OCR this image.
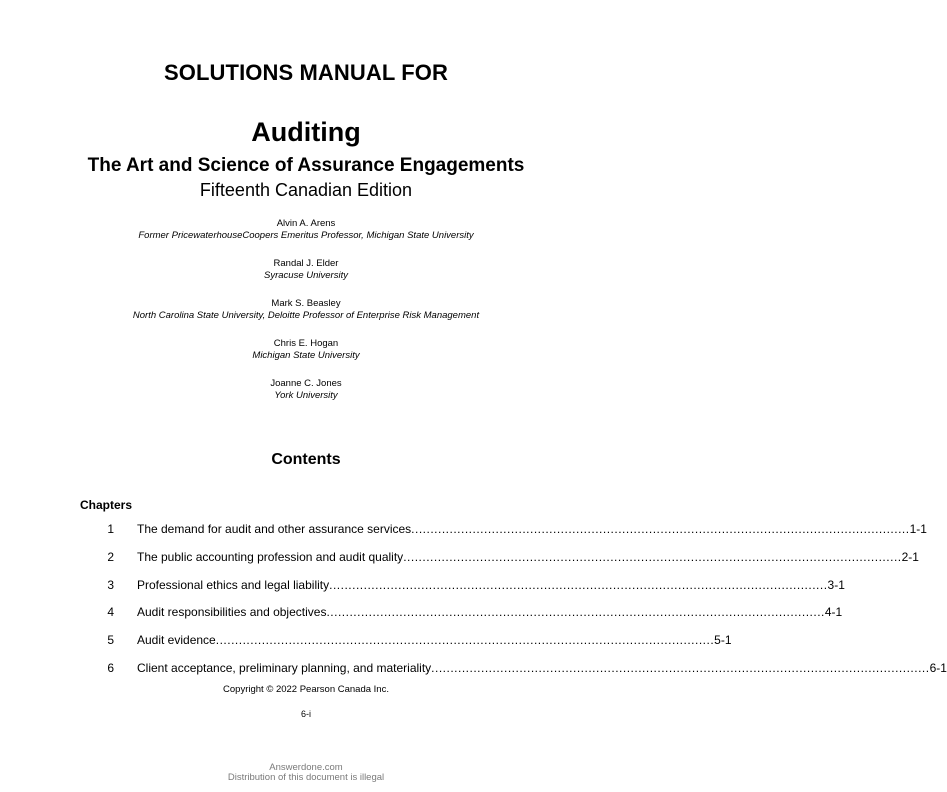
SOLUTIONS MANUAL FOR
Auditing
The Art and Science of Assurance Engagements
Fifteenth Canadian Edition
Alvin A. Arens
Former PricewaterhouseCoopers Emeritus Professor, Michigan State University
Randal J. Elder
Syracuse University
Mark S. Beasley
North Carolina State University, Deloitte Professor of Enterprise Risk Management
Chris E. Hogan
Michigan State University
Joanne C. Jones
York University
Contents
Chapters
1 The demand for audit and other assurance services .................................................................................................................................. 1-1
2 The public accounting profession and audit quality .................................................................................................................................. 2-1
3 Professional ethics and legal liability .................................................................................................................................. 3-1
4 Audit responsibilities and objectives .................................................................................................................................. 4-1
5 Audit evidence .................................................................................................................................. 5-1
6 Client acceptance, preliminary planning, and materiality .................................................................................................................................. 6-1
Copyright © 2022 Pearson Canada Inc.
6-i
Answerdone.com
Distribution of this document is illegal
